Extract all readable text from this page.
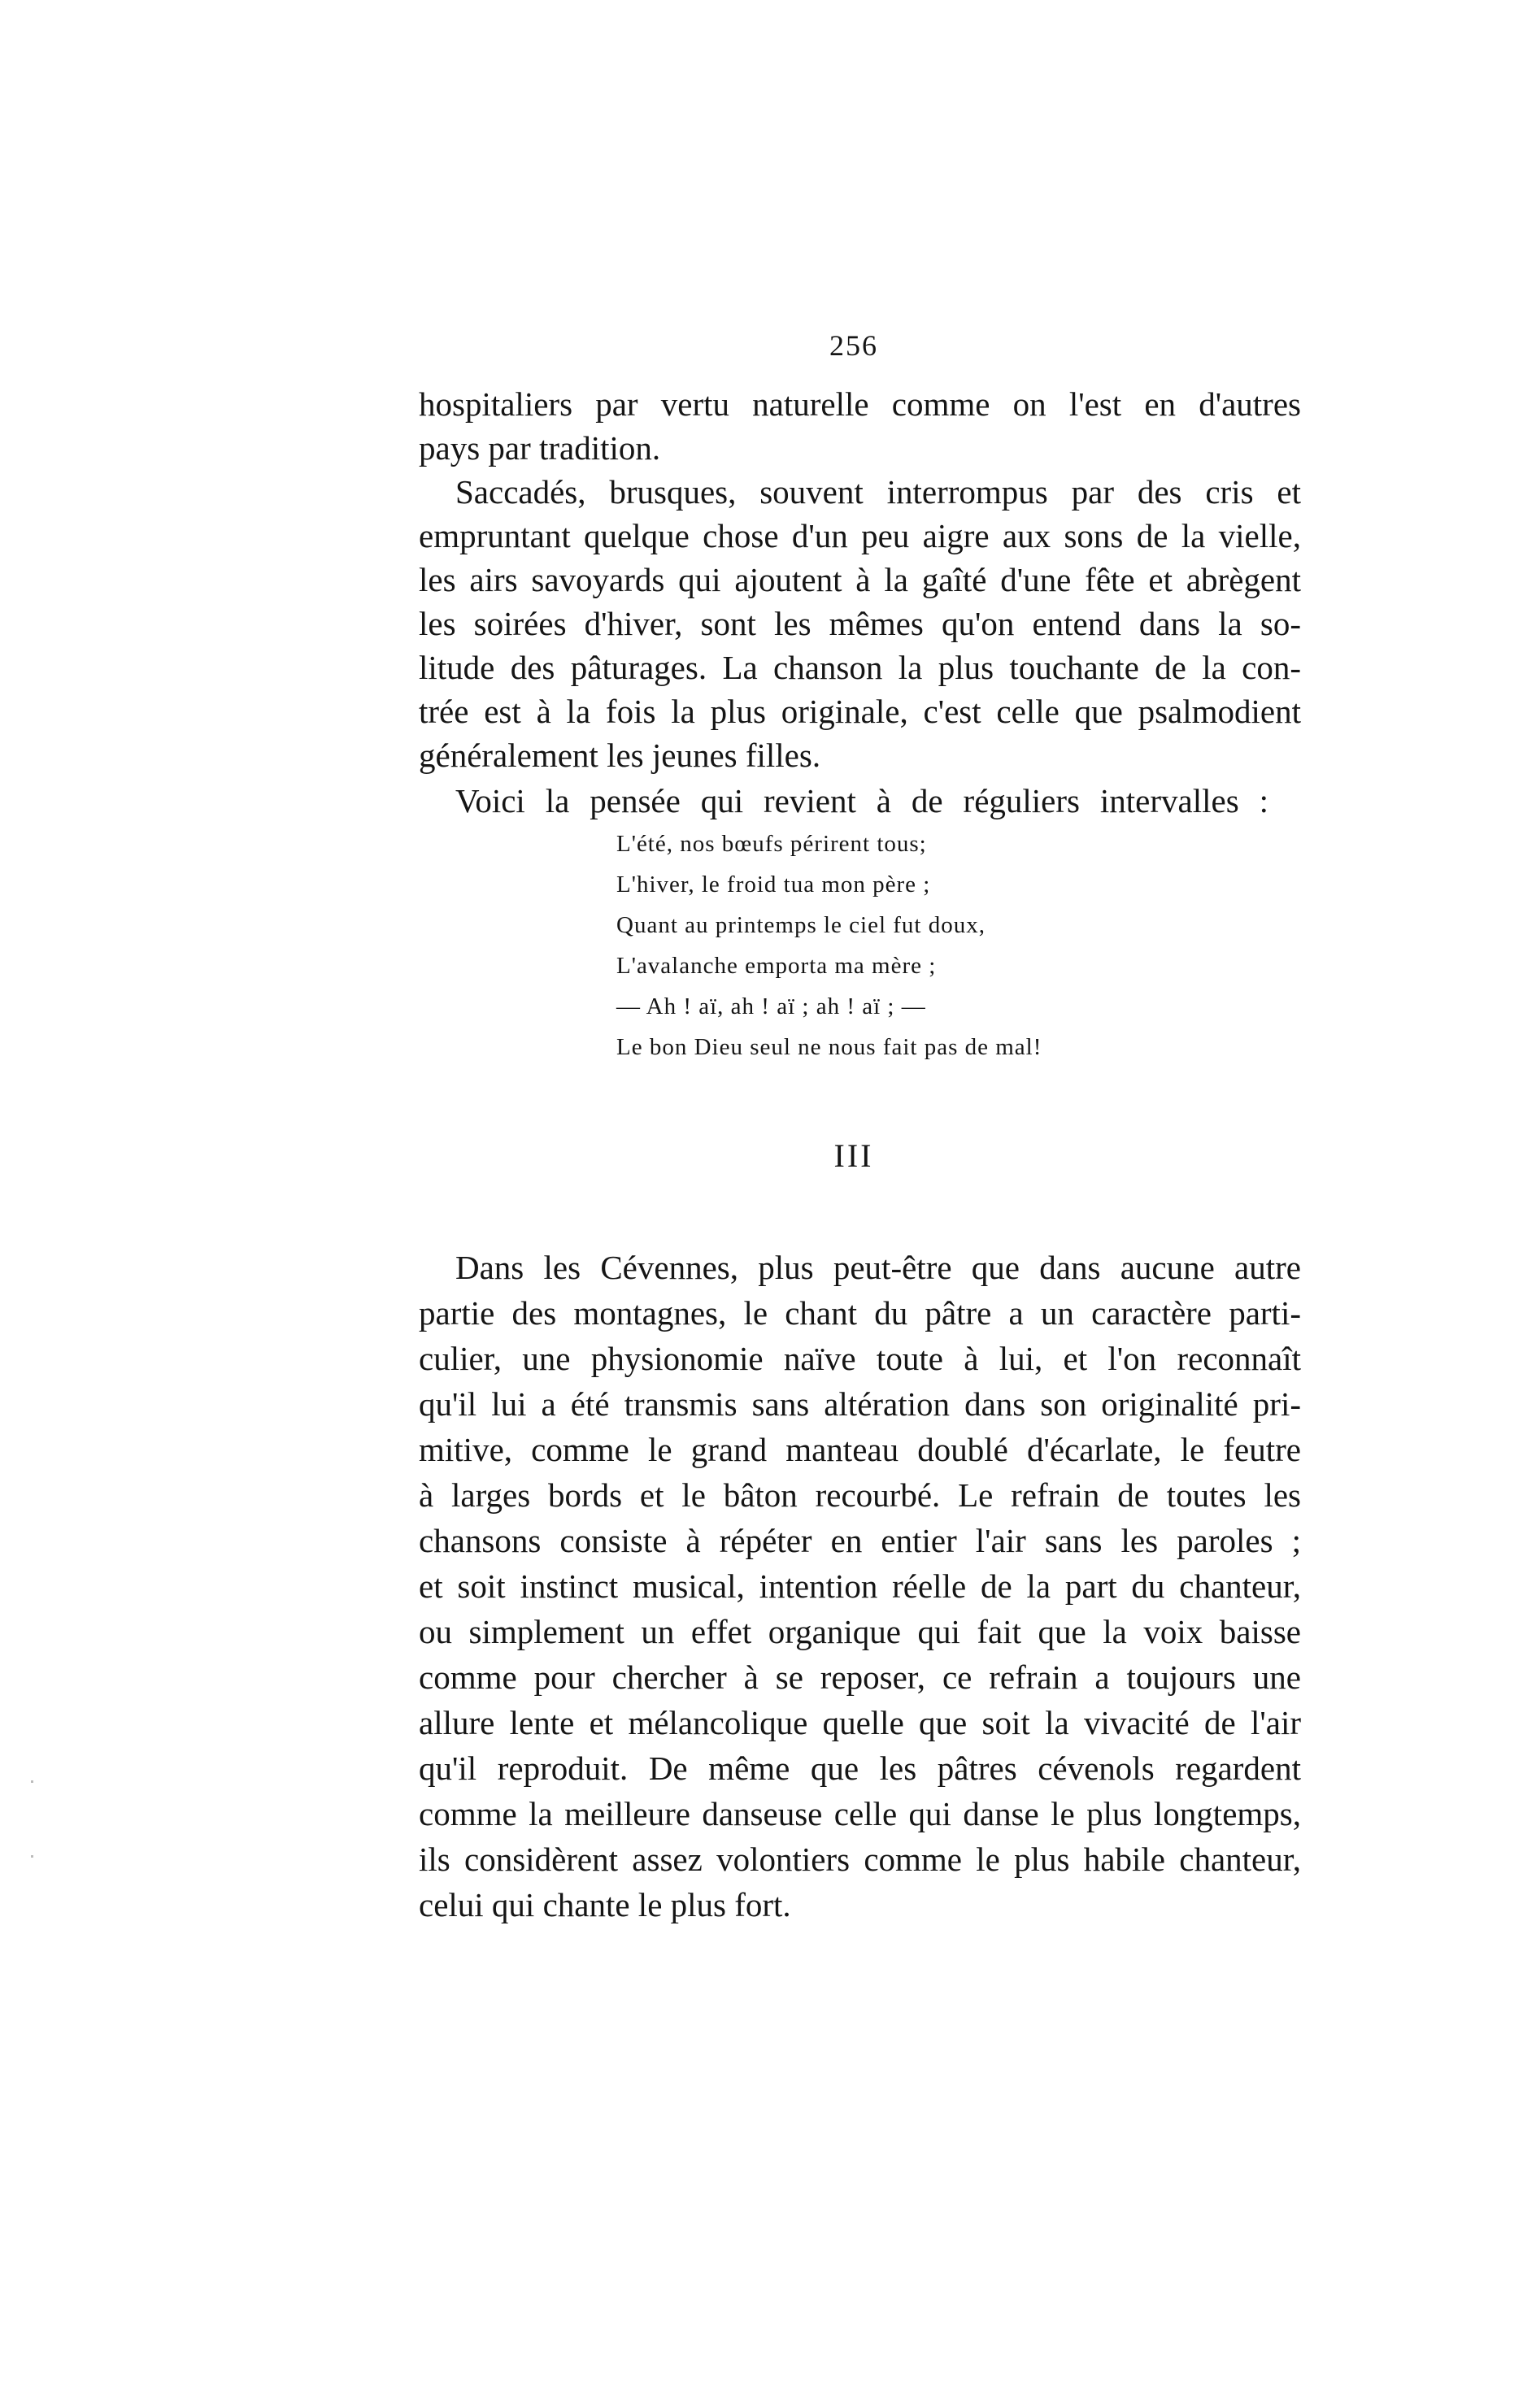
256
hospitaliers par vertu naturelle comme on l'est en d'autres
pays par tradition.
Saccadés, brusques, souvent interrompus par des cris et
empruntant quelque chose d'un peu aigre aux sons de la vielle,
les airs savoyards qui ajoutent à la gaîté d'une fête et abrègent
les soirées d'hiver, sont les mêmes qu'on entend dans la so-
litude des pâturages. La chanson la plus touchante de la con-
trée est à la fois la plus originale, c'est celle que psalmodient
généralement les jeunes filles.
Voici la pensée qui revient à de réguliers intervalles :
L'été, nos bœufs périrent tous;
L'hiver, le froid tua mon père ;
Quant au printemps le ciel fut doux,
L'avalanche emporta ma mère ;
— Ah ! aï, ah ! aï ; ah ! aï ; —
Le bon Dieu seul ne nous fait pas de mal!
III
Dans les Cévennes, plus peut-être que dans aucune autre
partie des montagnes, le chant du pâtre a un caractère parti-
culier, une physionomie naïve toute à lui, et l'on reconnaît
qu'il lui a été transmis sans altération dans son originalité pri-
mitive, comme le grand manteau doublé d'écarlate, le feutre
à larges bords et le bâton recourbé. Le refrain de toutes les
chansons consiste à répéter en entier l'air sans les paroles ;
et soit instinct musical, intention réelle de la part du chanteur,
ou simplement un effet organique qui fait que la voix baisse
comme pour chercher à se reposer, ce refrain a toujours une
allure lente et mélancolique quelle que soit la vivacité de l'air
qu'il reproduit. De même que les pâtres cévenols regardent
comme la meilleure danseuse celle qui danse le plus longtemps,
ils considèrent assez volontiers comme le plus habile chanteur,
celui qui chante le plus fort.
